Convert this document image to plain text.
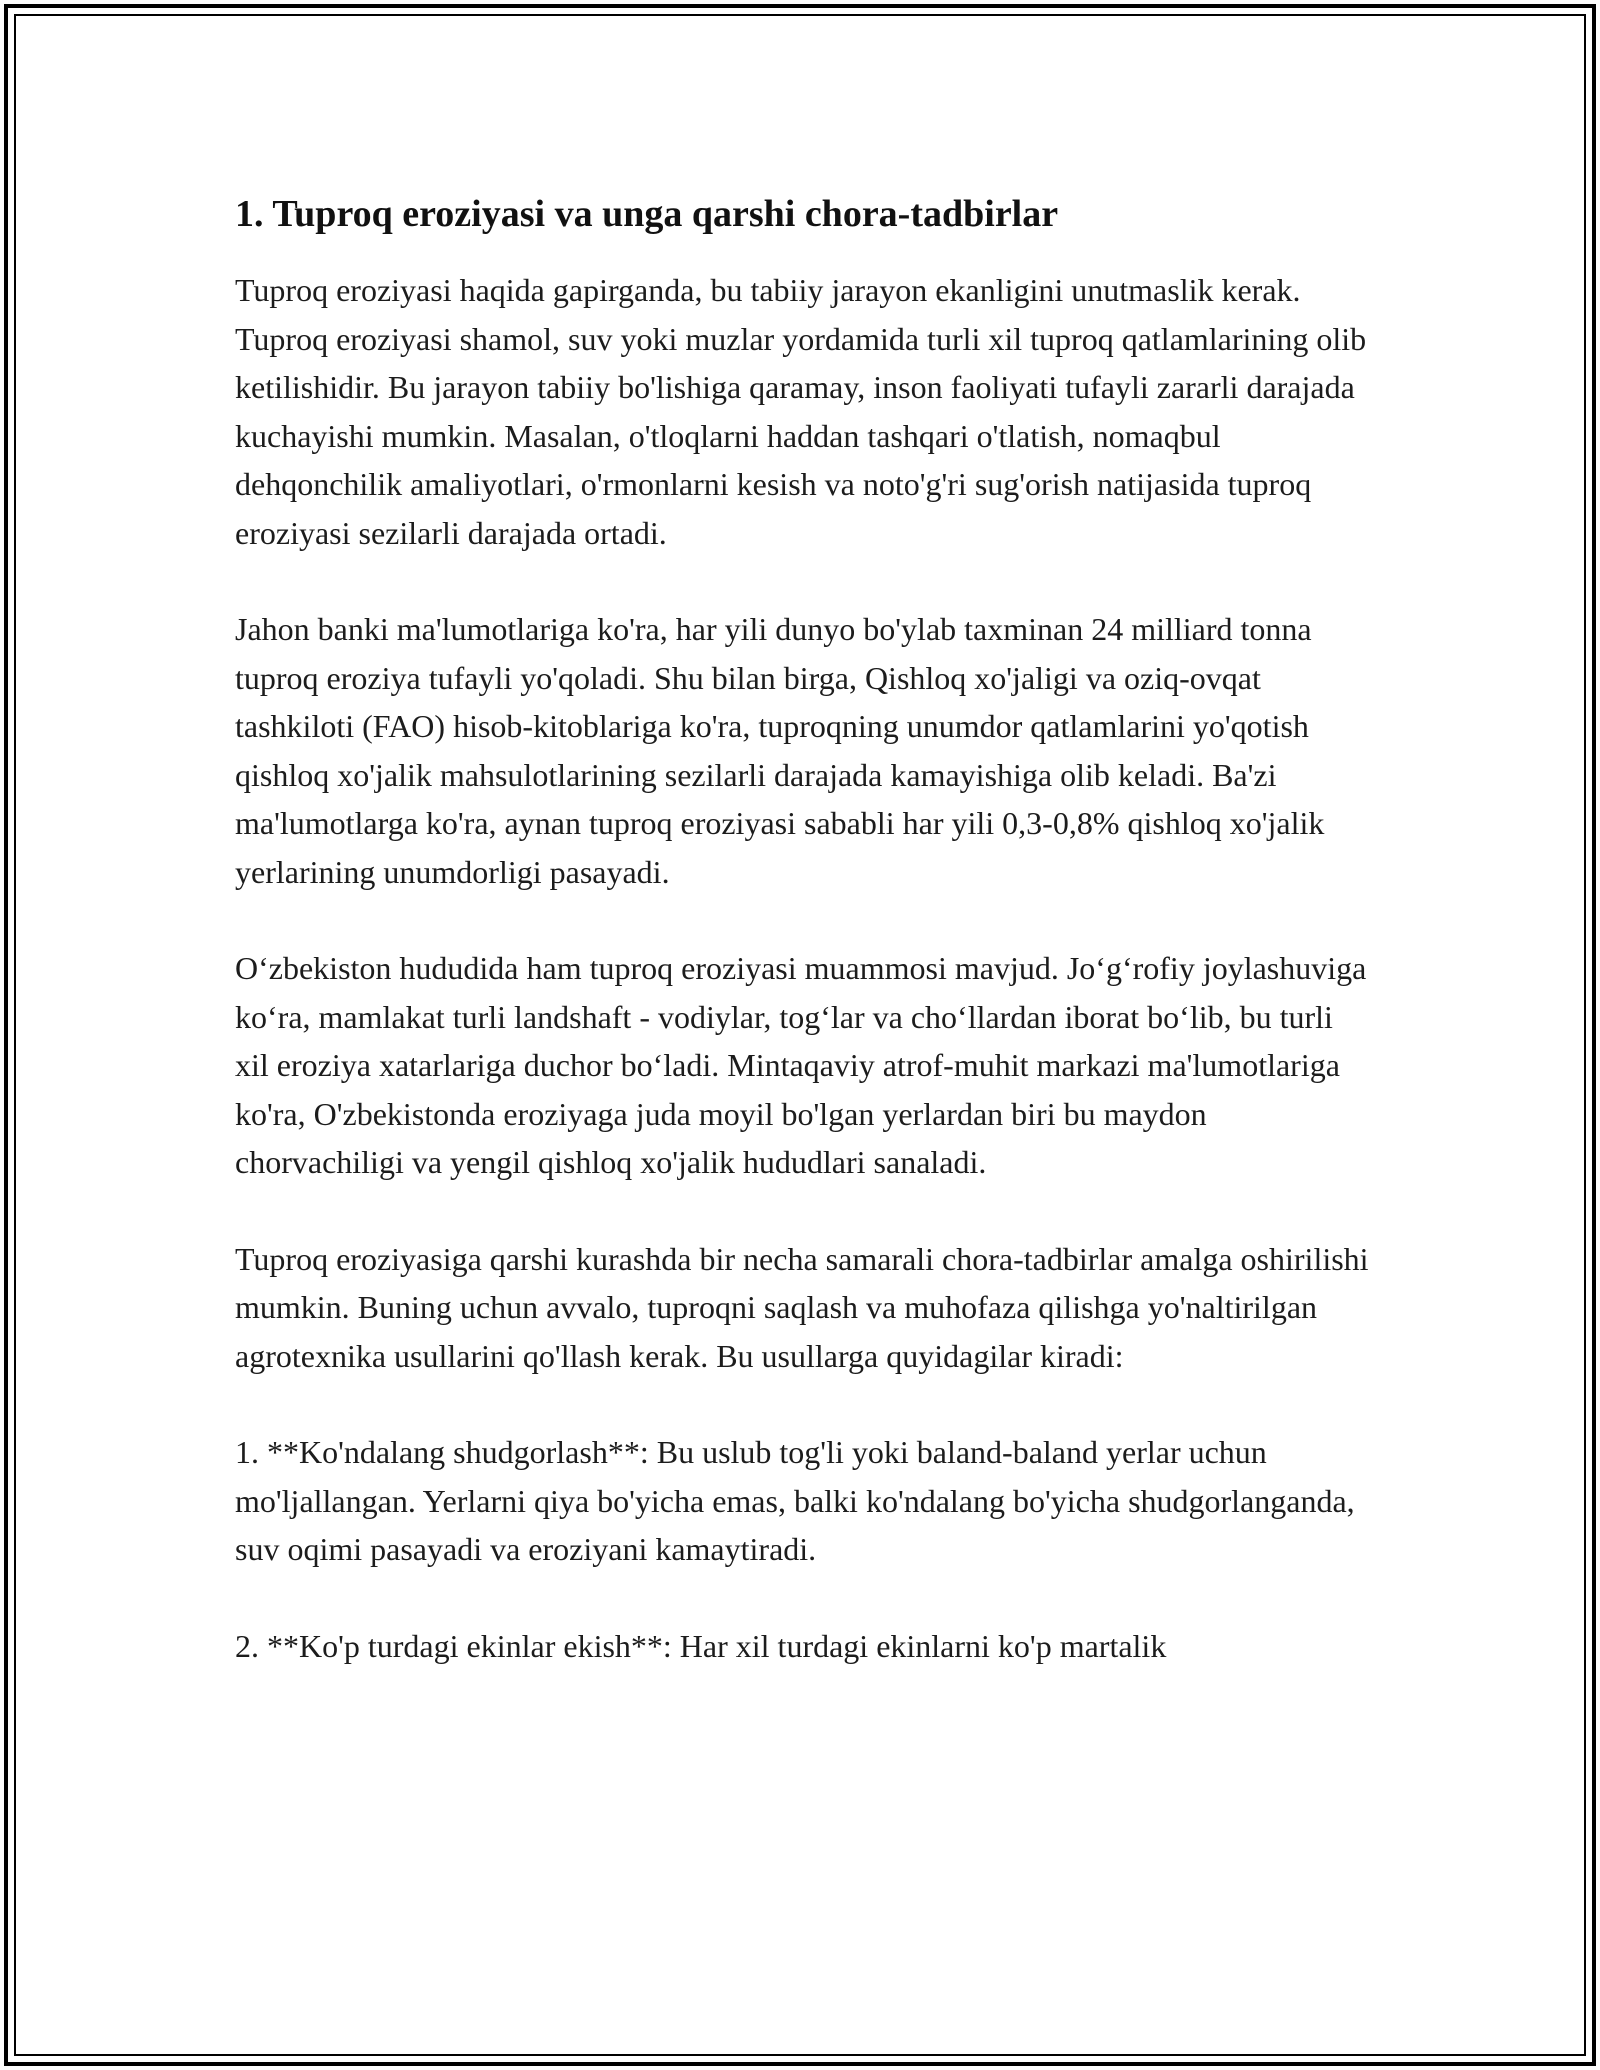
1. Tuproq eroziyasi va unga qarshi chora-tadbirlar

Tuproq eroziyasi haqida gapirganda, bu tabiiy jarayon ekanligini unutmaslik kerak. Tuproq eroziyasi shamol, suv yoki muzlar yordamida turli xil tuproq qatlamlarining olib ketilishidir. Bu jarayon tabiiy bo'lishiga qaramay, inson faoliyati tufayli zararli darajada kuchayishi mumkin. Masalan, o'tloqlarni haddan tashqari o'tlatish, nomaqbul dehqonchilik amaliyotlari, o'rmonlarni kesish va noto'g'ri sug'orish natijasida tuproq eroziyasi sezilarli darajada ortadi.

Jahon banki ma'lumotlariga ko'ra, har yili dunyo bo'ylab taxminan 24 milliard tonna tuproq eroziya tufayli yo'qoladi. Shu bilan birga, Qishloq xo'jaligi va oziq-ovqat tashkiloti (FAO) hisob-kitoblariga ko'ra, tuproqning unumdor qatlamlarini yo'qotish qishloq xo'jalik mahsulotlarining sezilarli darajada kamayishiga olib keladi. Ba'zi ma'lumotlarga ko'ra, aynan tuproq eroziyasi sababli har yili 0,3-0,8% qishloq xo'jalik yerlarining unumdorligi pasayadi.

O‘zbekiston hududida ham tuproq eroziyasi muammosi mavjud. Jo‘g‘rofiy joylashuviga ko‘ra, mamlakat turli landshaft - vodiylar, tog‘lar va cho‘llardan iborat bo‘lib, bu turli xil eroziya xatarlariga duchor bo‘ladi. Mintaqaviy atrof-muhit markazi ma'lumotlariga ko'ra, O'zbekistonda eroziyaga juda moyil bo'lgan yerlardan biri bu maydon chorvachiligi va yengil qishloq xo'jalik hududlari sanaladi.

Tuproq eroziyasiga qarshi kurashda bir necha samarali chora-tadbirlar amalga oshirilishi mumkin. Buning uchun avvalo, tuproqni saqlash va muhofaza qilishga yo'naltirilgan agrotexnika usullarini qo'llash kerak. Bu usullarga quyidagilar kiradi:

1. **Ko'ndalang shudgorlash**: Bu uslub tog'li yoki baland-baland yerlar uchun mo'ljallangan. Yerlarni qiya bo'yicha emas, balki ko'ndalang bo'yicha shudgorlanganda, suv oqimi pasayadi va eroziyani kamaytiradi.

2. **Ko'p turdagi ekinlar ekish**: Har xil turdagi ekinlarni ko'p martalik
